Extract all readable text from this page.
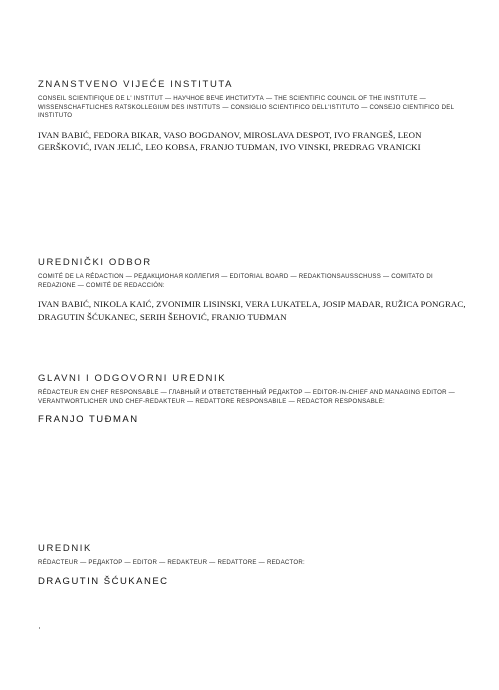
ZNANSTVENO VIJEĆE INSTITUTA
CONSEIL SCIENTIFIQUE DE L' INSTITUT — НАУЧНОЕ ВЕЧЕ ИНСТИТУТА — THE SCIENTIFIC COUNCIL OF THE INSTITUTE — WISSENSCHAFTLICHES RATSKOLLEGIUM DES INSTITUTS — CONSIGLIO SCIENTIFICO DELL'ISTITUTO — CONSEJO CIENTIFICO DEL INSTITUTO

IVAN BABIĆ, FEDORA BIKAR, VASO BOGDANOV, MIROSLAVA DESPOT, IVO FRANGEŠ, LEON GERŠKOVIĆ, IVAN JELIĆ, LEO KOBSA, FRANJO TUĐMAN, IVO VINSKI, PREDRAG VRANICKI

UREDNIČKI ODBOR
COMITÉ DE LA RÉDACTION — РЕДАКЦИОНАЯ КОЛЛЕГИЯ — EDITORIAL BOARD — REDAKTIONSAUSSCHUSS — COMITATO DI REDAZIONE — COMITÉ DE REDACCIÓN:

IVAN BABIĆ, NIKOLA KAIĆ, ZVONIMIR LISINSKI, VERA LUKATELA, JOSIP MAĐAR, RUŽICA PONGRAC, DRAGUTIN ŠĆUKANEC, SERIH ŠEHOVIĆ, FRANJO TUĐMAN

GLAVNI I ODGOVORNI UREDNIK
RÉDACTEUR EN CHEF RESPONSABLE — ГЛАВНЫЙ И ОТВЕТСТВЕННЫЙ РЕДАКТОР — EDITOR-IN-CHIEF AND MANAGING EDITOR — VERANTWORTLICHER UND CHEF-REDAKTEUR — REDATTORE RESPONSABILE — REDACTOR RESPONSABLE:

FRANJO TUĐMAN

UREDNIK
RÉDACTEUR — РЕДАКТОР — EDITOR — REDAKTEUR — REDATTORE — REDACTOR:

DRAGUTIN ŠĆUKANEC
